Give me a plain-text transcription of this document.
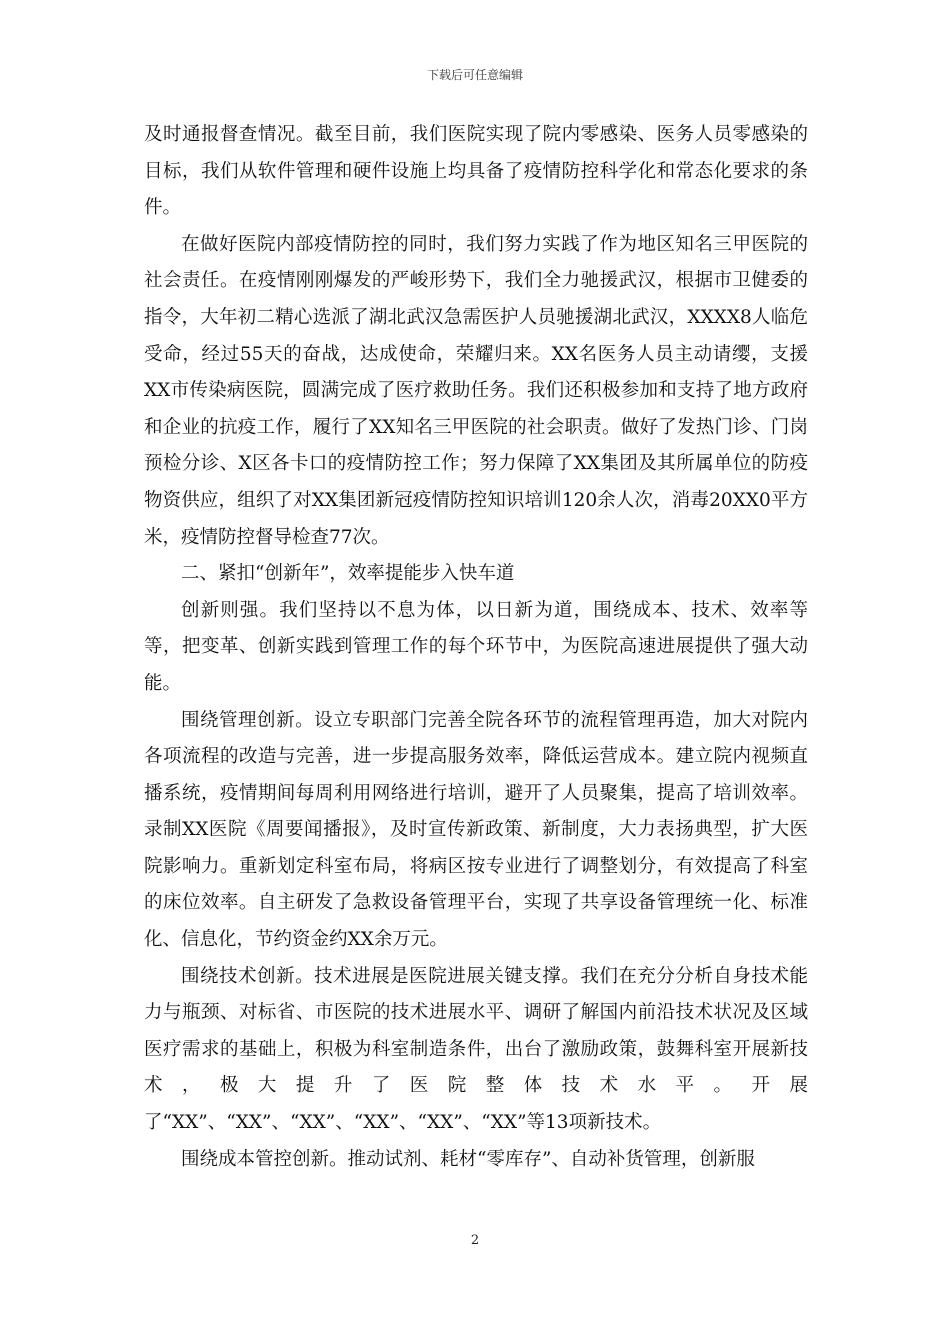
下载后可任意编辑

及时通报督查情况。截至目前，我们医院实现了院内零感染、医务人员零感染的目标，我们从软件管理和硬件设施上均具备了疫情防控科学化和常态化要求的条件。

在做好医院内部疫情防控的同时，我们努力实践了作为地区知名三甲医院的社会责任。在疫情刚刚爆发的严峻形势下，我们全力驰援武汉，根据市卫健委的指令，大年初二精心选派了湖北武汉急需医护人员驰援湖北武汉，XXXX8人临危受命，经过55天的奋战，达成使命，荣耀归来。XX名医务人员主动请缨，支援XX市传染病医院，圆满完成了医疗救助任务。我们还积极参加和支持了地方政府和企业的抗疫工作，履行了XX知名三甲医院的社会职责。做好了发热门诊、门岗预检分诊、X区各卡口的疫情防控工作；努力保障了XX集团及其所属单位的防疫物资供应，组织了对XX集团新冠疫情防控知识培训120余人次，消毒20XX0平方米，疫情防控督导检查77次。

二、紧扣“创新年”，效率提能步入快车道

创新则强。我们坚持以不息为体，以日新为道，围绕成本、技术、效率等等，把变革、创新实践到管理工作的每个环节中，为医院高速进展提供了强大动能。

围绕管理创新。设立专职部门完善全院各环节的流程管理再造，加大对院内各项流程的改造与完善，进一步提高服务效率，降低运营成本。建立院内视频直播系统，疫情期间每周利用网络进行培训，避开了人员聚集，提高了培训效率。录制XX医院《周要闻播报》，及时宣传新政策、新制度，大力表扬典型，扩大医院影响力。重新划定科室布局，将病区按专业进行了调整划分，有效提高了科室的床位效率。自主研发了急救设备管理平台，实现了共享设备管理统一化、标准化、信息化，节约资金约XX余万元。

围绕技术创新。技术进展是医院进展关键支撑。我们在充分分析自身技术能力与瓶颈、对标省、市医院的技术进展水平、调研了解国内前沿技术状况及区域医疗需求的基础上，积极为科室制造条件，出台了激励政策，鼓舞科室开展新技术，极大提升了医院整体技术水平。开展了“XX”、“XX”、“XX”、“XX”、“XX”、“XX”等13项新技术。

围绕成本管控创新。推动试剂、耗材“零库存”、自动补货管理，创新服

2
